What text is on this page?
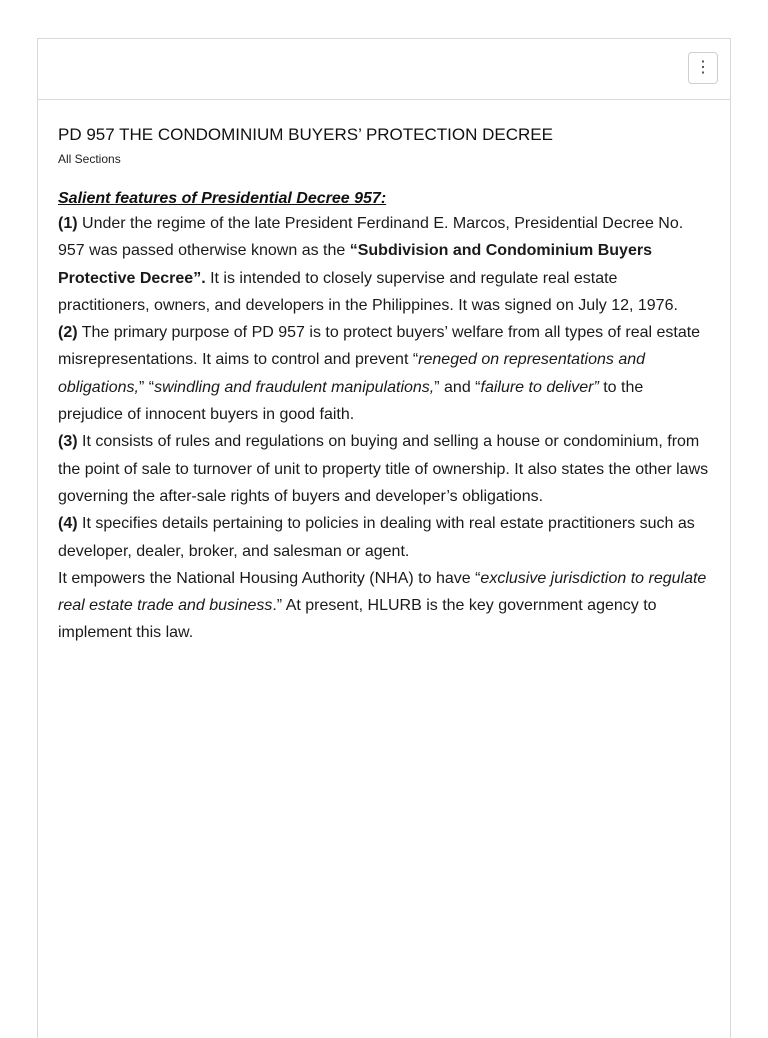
⋮
PD 957 THE CONDOMINIUM BUYERS’ PROTECTION DECREE
All Sections
Salient features of Presidential Decree 957:

(1) Under the regime of the late President Ferdinand E. Marcos, Presidential Decree No. 957 was passed otherwise known as the “Subdivision and Condominium Buyers Protective Decree”. It is intended to closely supervise and regulate real estate practitioners, owners, and developers in the Philippines. It was signed on July 12, 1976.

(2) The primary purpose of PD 957 is to protect buyers’ welfare from all types of real estate misrepresentations. It aims to control and prevent “reneged on representations and obligations,” “swindling and fraudulent manipulations,” and “failure to deliver” to the prejudice of innocent buyers in good faith.

(3) It consists of rules and regulations on buying and selling a house or condominium, from the point of sale to turnover of unit to property title of ownership. It also states the other laws governing the after-sale rights of buyers and developer’s obligations.

(4) It specifies details pertaining to policies in dealing with real estate practitioners such as developer, dealer, broker, and salesman or agent.

It empowers the National Housing Authority (NHA) to have “exclusive jurisdiction to regulate real estate trade and business.” At present, HLURB is the key government agency to implement this law.
